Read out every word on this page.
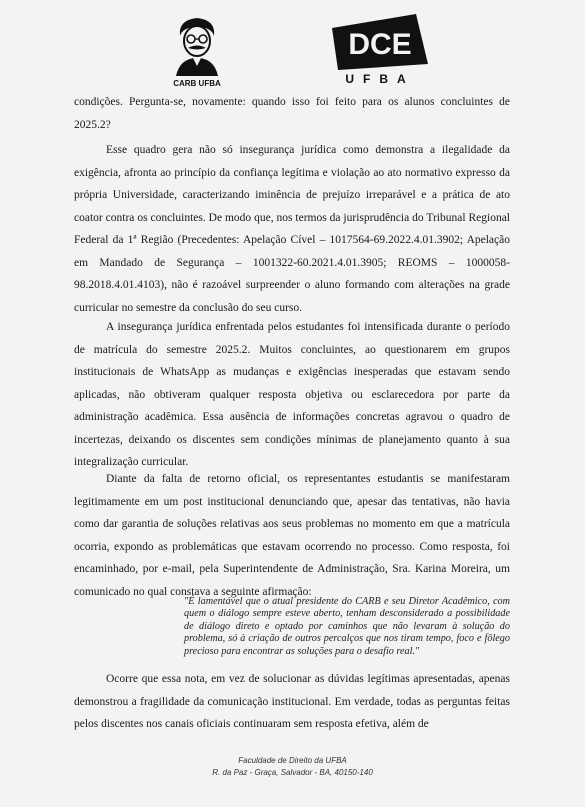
CARB UFBA
DCE
UFBA

condições. Pergunta-se, novamente: quando isso foi feito para os alunos concluintes de 2025.2?

Esse quadro gera não só insegurança jurídica como demonstra a ilegalidade da exigência, afronta ao princípio da confiança legítima e violação ao ato normativo expresso da própria Universidade, caracterizando iminência de prejuízo irreparável e a prática de ato coator contra os concluintes. De modo que, nos termos da jurisprudência do Tribunal Regional Federal da 1ª Região (Precedentes: Apelação Cível – 1017564-69.2022.4.01.3902; Apelação em Mandado de Segurança – 1001322-60.2021.4.01.3905; REOMS – 1000058-98.2018.4.01.4103), não é razoável surpreender o aluno formando com alterações na grade curricular no semestre da conclusão do seu curso.

A insegurança jurídica enfrentada pelos estudantes foi intensificada durante o período de matrícula do semestre 2025.2. Muitos concluintes, ao questionarem em grupos institucionais de WhatsApp as mudanças e exigências inesperadas que estavam sendo aplicadas, não obtiveram qualquer resposta objetiva ou esclarecedora por parte da administração acadêmica. Essa ausência de informações concretas agravou o quadro de incertezas, deixando os discentes sem condições mínimas de planejamento quanto à sua integralização curricular.

Diante da falta de retorno oficial, os representantes estudantis se manifestaram legitimamente em um post institucional denunciando que, apesar das tentativas, não havia como dar garantia de soluções relativas aos seus problemas no momento em que a matrícula ocorria, expondo as problemáticas que estavam ocorrendo no processo. Como resposta, foi encaminhado, por e-mail, pela Superintendente de Administração, Sra. Karina Moreira, um comunicado no qual constava a seguinte afirmação:

"É lamentável que o atual presidente do CARB e seu Diretor Acadêmico, com quem o diálogo sempre esteve aberto, tenham desconsiderado a possibilidade de diálogo direto e optado por caminhos que não levaram à solução do problema, só à criação de outros percalços que nos tiram tempo, foco e fôlego precioso para encontrar as soluções para o desafio real."

Ocorre que essa nota, em vez de solucionar as dúvidas legítimas apresentadas, apenas demonstrou a fragilidade da comunicação institucional. Em verdade, todas as perguntas feitas pelos discentes nos canais oficiais continuaram sem resposta efetiva, além de

Faculdade de Direito da UFBA
R. da Paz - Graça, Salvador - BA, 40150-140
